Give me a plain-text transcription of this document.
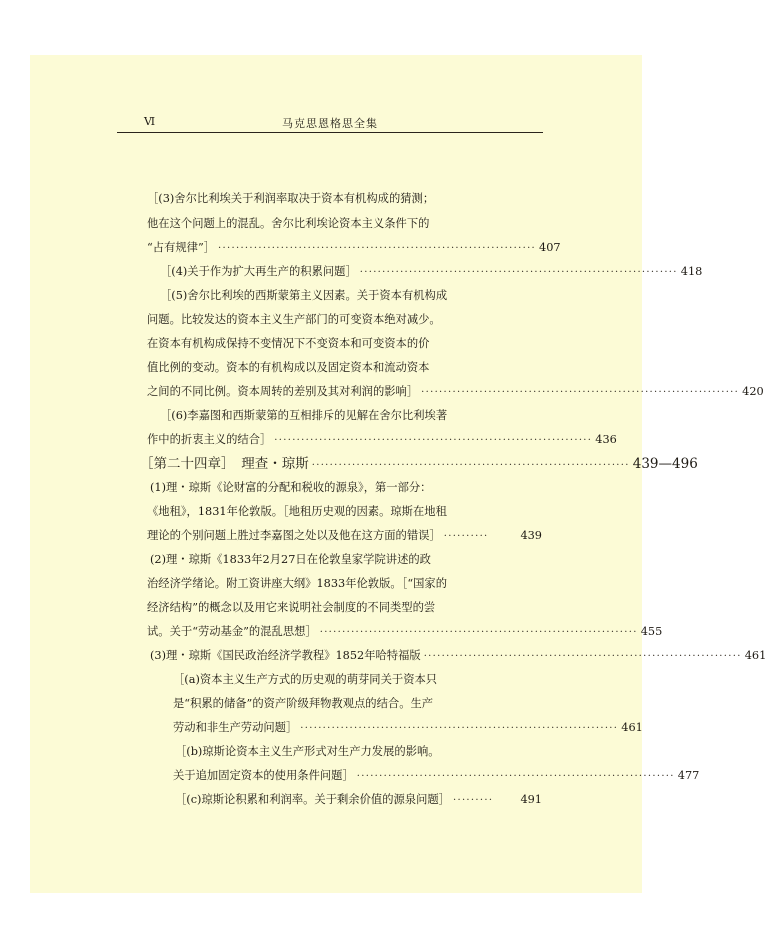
Ⅵ	马克思恩格思全集
［(3)舍尔比利埃关于利润率取决于资本有机构成的猜测；
他在这个问题上的混乱。舍尔比利埃论资本主义条件下的
“占有规律”］ ······································································· 407
［(4)关于作为扩大再生产的积累问题］ ······································································· 418
［(5)舍尔比利埃的西斯蒙第主义因素。关于资本有机构成
问题。比较发达的资本主义生产部门的可变资本绝对减少。
在资本有机构成保持不变情况下不变资本和可变资本的价
值比例的变动。资本的有机构成以及固定资本和流动资本
之间的不同比例。资本周转的差别及其对利润的影响］ ······································································· 420
［(6)李嘉图和西斯蒙第的互相排斥的见解在舍尔比利埃著
作中的折衷主义的结合］ ······································································· 436
［第二十四章］　理查・琼斯 ······································································· 439—496
(1)理・琼斯《论财富的分配和税收的源泉》，第一部分：
《地租》，1831年伦敦版。［地租历史观的因素。琼斯在地租
理论的个别问题上胜过李嘉图之处以及他在这方面的错误］ ··········	439
(2)理・琼斯《1833年2月27日在伦敦皇家学院讲述的政
治经济学绪论。附工资讲座大纲》1833年伦敦版。［“国家的
经济结构”的概念以及用它来说明社会制度的不同类型的尝
试。关于“劳动基金”的混乱思想］ ······································································· 455
(3)理・琼斯《国民政治经济学教程》1852年哈特福版 ······································································· 461
［(a)资本主义生产方式的历史观的萌芽同关于资本只
是“积累的储备”的资产阶级拜物教观点的结合。生产
劳动和非生产劳动问题］ ······································································· 461
［(b)琼斯论资本主义生产形式对生产力发展的影响。
关于追加固定资本的使用条件问题］ ······································································· 477
［(c)琼斯论积累和利润率。关于剩余价值的源泉问题］ ·········	491
